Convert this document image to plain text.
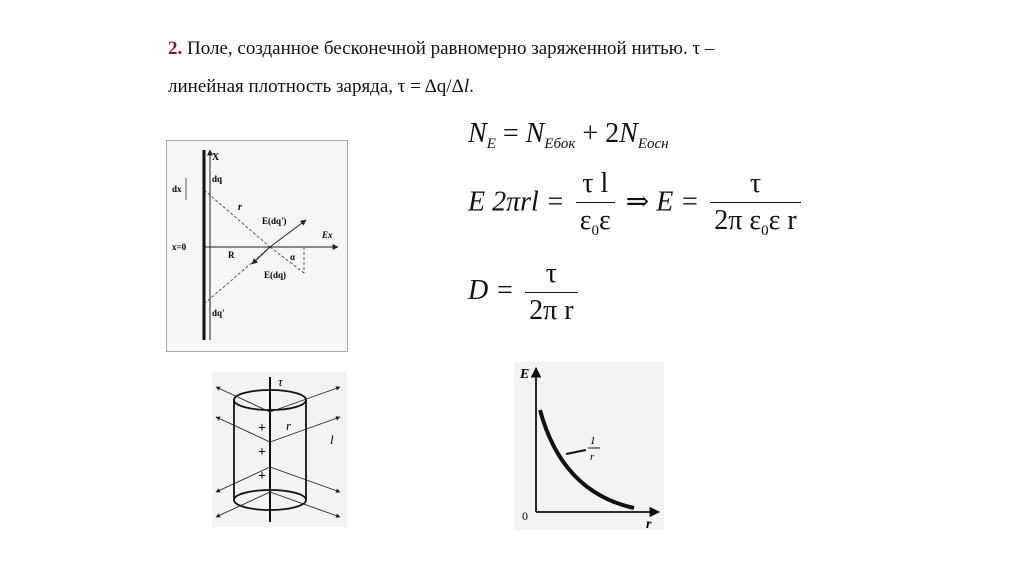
2. Поле, созданное бесконечной равномерно заряженной нитью. τ –
линейная плотность заряда, τ = Δq/Δl.
X
dx
dq
dq'
x=0
Ex
r
R
E(dq')
E(dq)
α
$N_E = N_{Eбок} + 2N_{Eосн}$
E $2\pi rl = \frac{\text{τ l}}{\varepsilon_0\varepsilon}$ ⇒ $E = \frac{\tau}{2\pi \varepsilon_0\varepsilon r}$
$D = \frac{\tau}{\text{2π r}}$
τ
r
l
+
+
+
E
r
0
1
r
